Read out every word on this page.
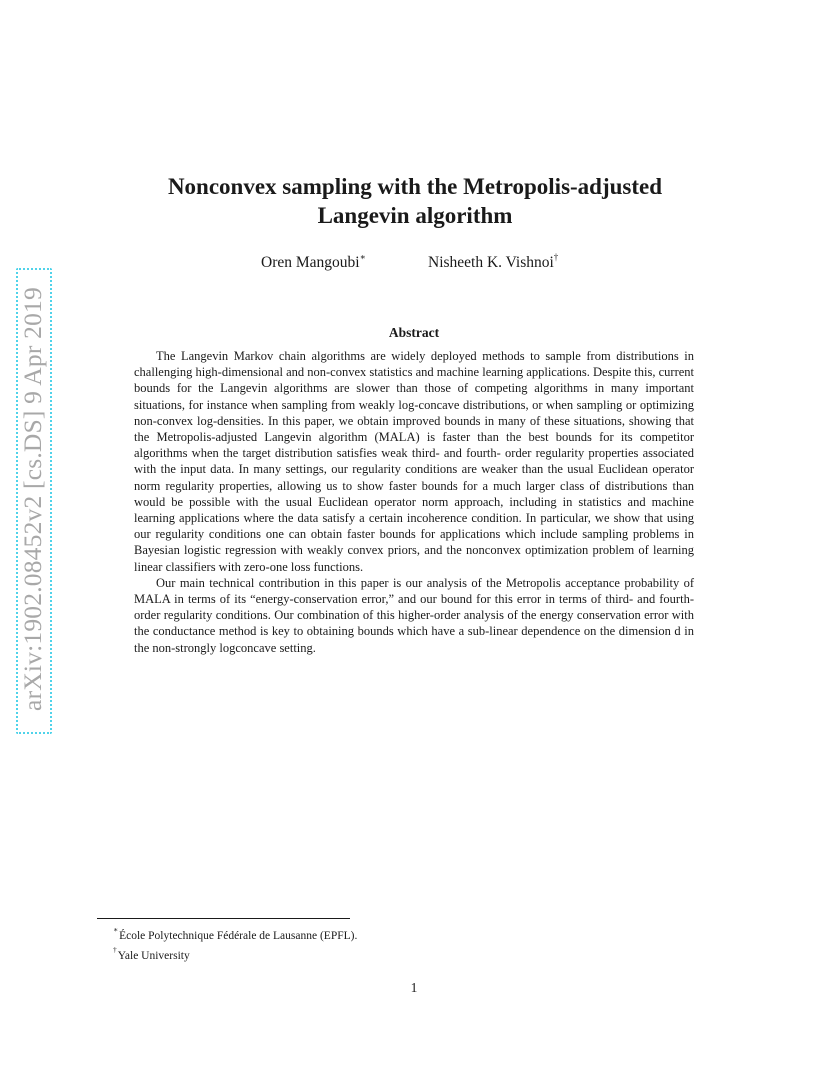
arXiv:1902.08452v2 [cs.DS] 9 Apr 2019
Nonconvex sampling with the Metropolis-adjusted
Langevin algorithm
Oren Mangoubi∗	Nisheeth K. Vishnoi†
Abstract

The Langevin Markov chain algorithms are widely deployed methods to sample from distributions in challenging high-dimensional and non-convex statistics and machine learning applications. Despite this, current bounds for the Langevin algorithms are slower than those of competing algorithms in many important situations, for instance when sampling from weakly log-concave distributions, or when sampling or optimizing non-convex log-densities. In this paper, we obtain improved bounds in many of these situations, showing that the Metropolis-adjusted Langevin algorithm (MALA) is faster than the best bounds for its competitor algorithms when the target distribution satisfies weak third- and fourth- order regularity properties associated with the input data. In many settings, our regularity conditions are weaker than the usual Euclidean operator norm regularity properties, allowing us to show faster bounds for a much larger class of distributions than would be possible with the usual Euclidean operator norm approach, including in statistics and machine learning applications where the data satisfy a certain incoherence condition. In particular, we show that using our regularity conditions one can obtain faster bounds for applications which include sampling problems in Bayesian logistic regression with weakly convex priors, and the nonconvex optimization problem of learning linear classifiers with zero-one loss functions.

Our main technical contribution in this paper is our analysis of the Metropolis acceptance probability of MALA in terms of its “energy-conservation error,” and our bound for this error in terms of third- and fourth- order regularity conditions. Our combination of this higher-order analysis of the energy conservation error with the conductance method is key to obtaining bounds which have a sub-linear dependence on the dimension d in the non-strongly logconcave setting.

∗École Polytechnique Fédérale de Lausanne (EPFL).
†Yale University
1
